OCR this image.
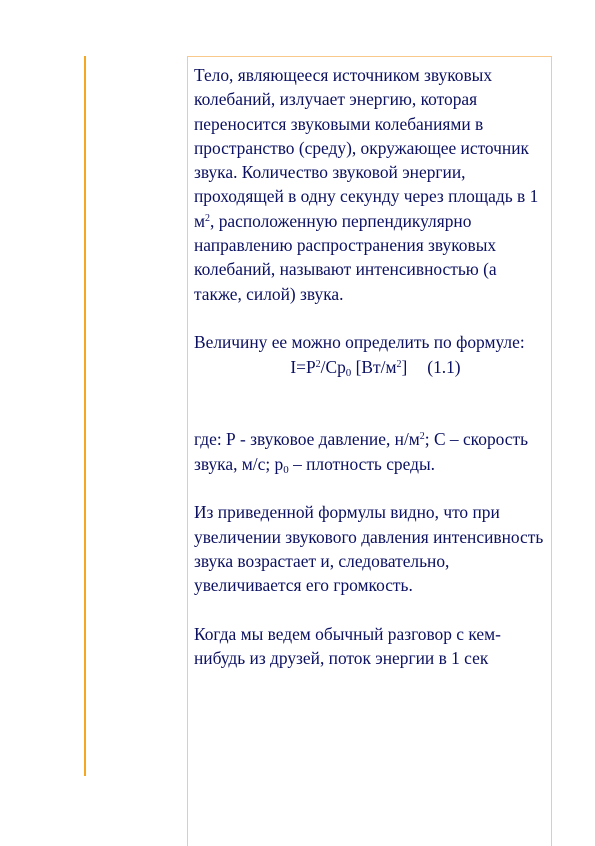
Тело, являющееся источником звуковых колебаний, излучает энергию, которая переносится звуковыми колебаниями в пространство (среду), окружающее источник звука. Количество звуковой энергии, проходящей в одну секунду через площадь в 1 $м^2$, расположенную перпендикулярно направлению распространения звуковых колебаний, называют интенсивностью (а также, силой) звука.

Величину ее можно определить по формуле:

$I=P^2/Cp_0$ $[Вт/м^2]$ (1.1)

где: Р - звуковое давление, $н/м^2$; С – скорость звука, м/с; $p_0$ – плотность среды.

Из приведенной формулы видно, что при увеличении звукового давления интенсивность звука возрастает и, следовательно, увеличивается его громкость.

Когда мы ведем обычный разговор с кем-нибудь из друзей, поток энергии в 1 сек
